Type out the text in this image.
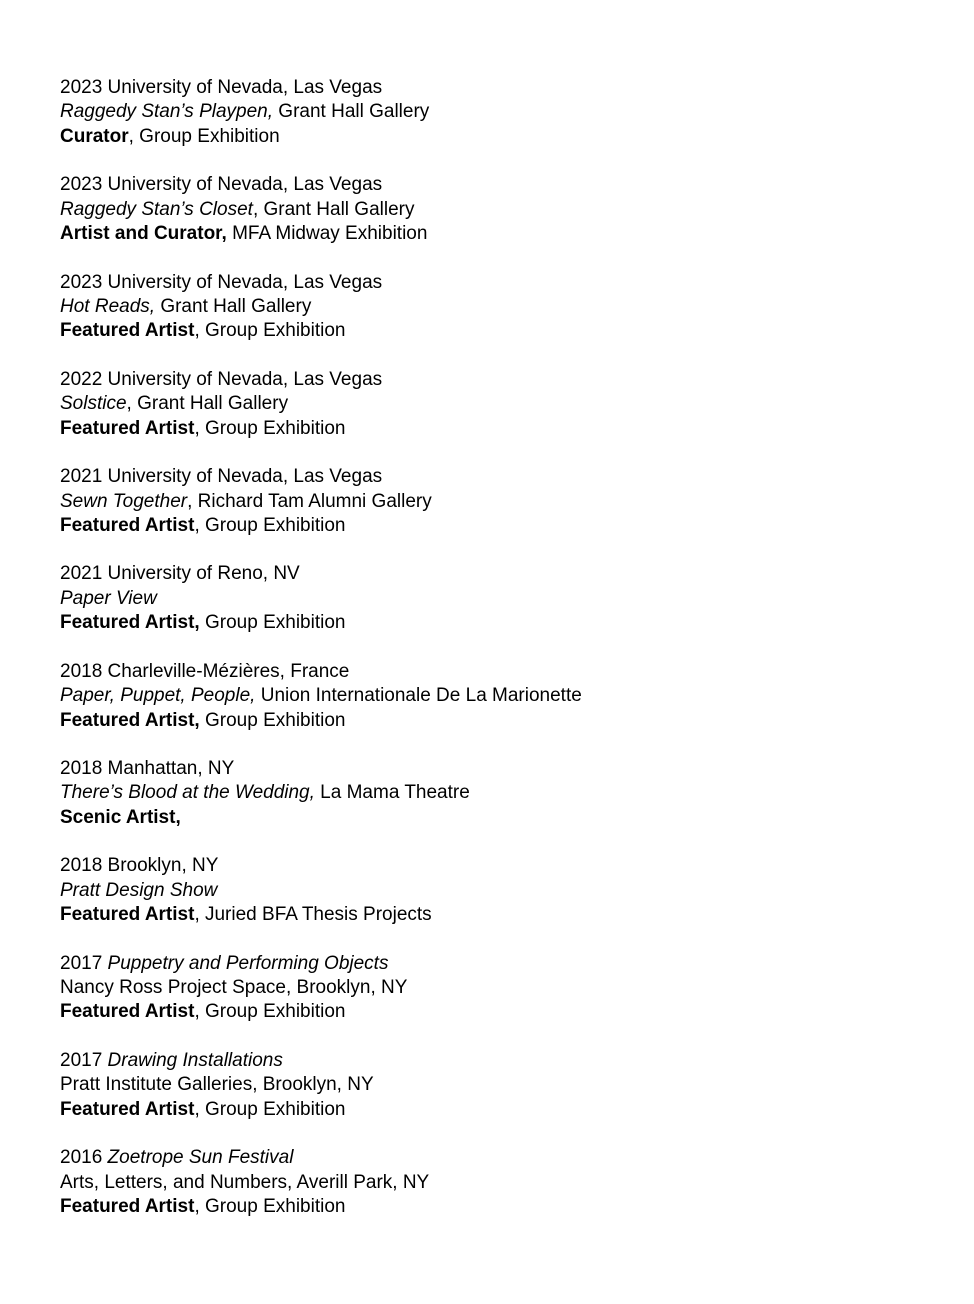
2023 University of Nevada, Las Vegas
Raggedy Stan’s Playpen, Grant Hall Gallery
Curator, Group Exhibition
2023 University of Nevada, Las Vegas
Raggedy Stan’s Closet, Grant Hall Gallery
Artist and Curator, MFA Midway Exhibition
2023 University of Nevada, Las Vegas
Hot Reads, Grant Hall Gallery
Featured Artist, Group Exhibition
2022 University of Nevada, Las Vegas
Solstice, Grant Hall Gallery
Featured Artist, Group Exhibition
2021 University of Nevada, Las Vegas
Sewn Together, Richard Tam Alumni Gallery
Featured Artist, Group Exhibition
2021 University of Reno, NV
Paper View
Featured Artist, Group Exhibition
2018 Charleville-Mézières, France
Paper, Puppet, People, Union Internationale De La Marionette
Featured Artist, Group Exhibition
2018 Manhattan, NY
There’s Blood at the Wedding, La Mama Theatre
Scenic Artist,
2018 Brooklyn, NY
Pratt Design Show
Featured Artist, Juried BFA Thesis Projects
2017 Puppetry and Performing Objects
Nancy Ross Project Space, Brooklyn, NY
Featured Artist, Group Exhibition
2017 Drawing Installations
Pratt Institute Galleries, Brooklyn, NY
Featured Artist, Group Exhibition
2016 Zoetrope Sun Festival
Arts, Letters, and Numbers, Averill Park, NY
Featured Artist, Group Exhibition
